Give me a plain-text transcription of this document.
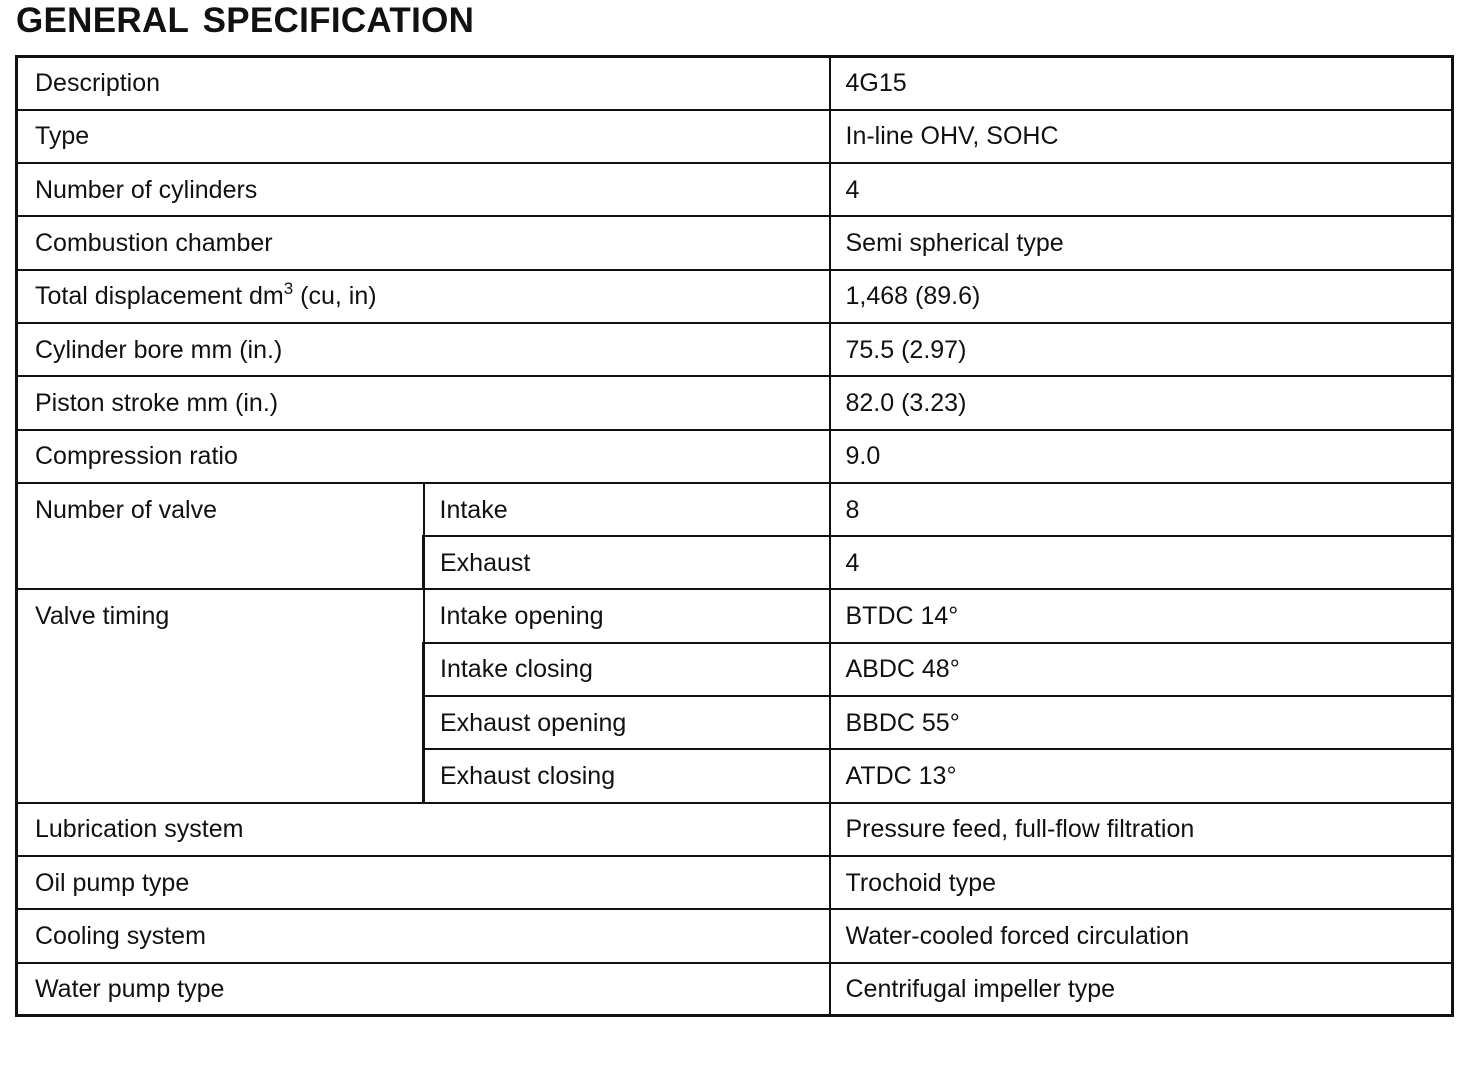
GENERAL SPECIFICATION
Description		4G15
Type		In-line OHV, SOHC
Number of cylinders		4
Combustion chamber		Semi spherical type
Total displacement $dm^3$ (cu, in)		1,468 (89.6)
Cylinder bore mm (in.)		75.5 (2.97)
Piston stroke mm (in.)		82.0 (3.23)
Compression ratio		9.0
Number of valve	Intake	8
	Exhaust	4
Valve timing	Intake opening	BTDC 14°
	Intake closing	ABDC 48°
	Exhaust opening	BBDC 55°
	Exhaust closing	ATDC 13°
Lubrication system		Pressure feed, full-flow filtration
Oil pump type		Trochoid type
Cooling system		Water-cooled forced circulation
Water pump type		Centrifugal impeller type
